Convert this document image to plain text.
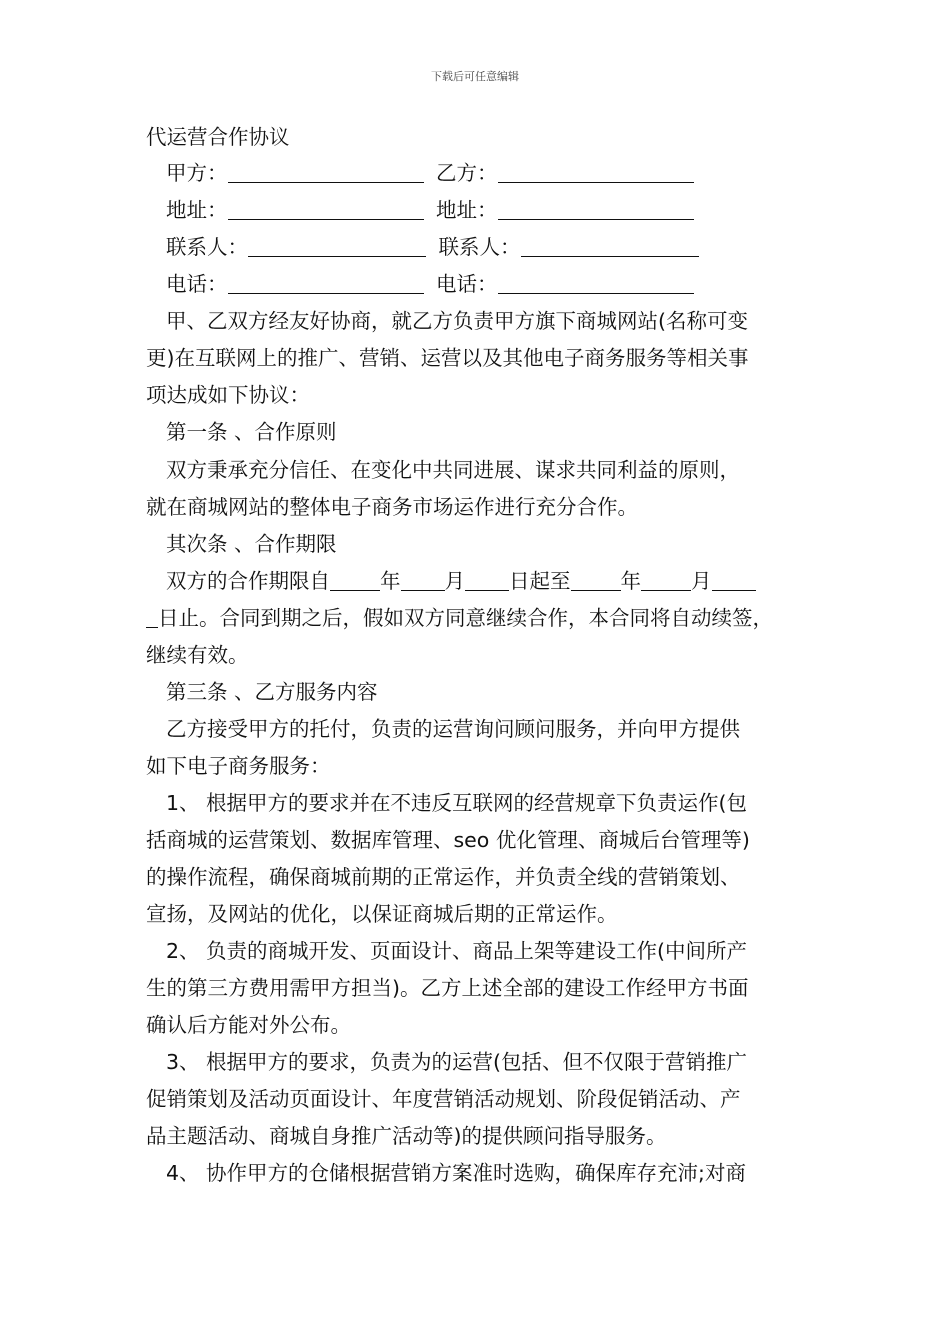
下载后可任意编辑
代运营合作协议
甲方：	乙方：
地址：	地址：
联系人：	联系人：
电话：	电话：
甲、乙双方经友好协商，就乙方负责甲方旗下商城网站(名称可变
更)在互联网上的推广、营销、运营以及其他电子商务服务等相关事
项达成如下协议：
第一条 、合作原则
双方秉承充分信任、在变化中共同进展、谋求共同利益的原则，
就在商城网站的整体电子商务市场运作进行充分合作。
其次条 、合作期限
双方的合作期限自 年 月 日起至 年 月
日止。合同到期之后，假如双方同意继续合作，本合同将自动续签，
继续有效。
第三条 、乙方服务内容
乙方接受甲方的托付，负责的运营询问顾问服务，并向甲方提供
如下电子商务服务：
1、 根据甲方的要求并在不违反互联网的经营规章下负责运作(包
括商城的运营策划、数据库管理、seo 优化管理、商城后台管理等)
的操作流程，确保商城前期的正常运作，并负责全线的营销策划、
宣扬，及网站的优化，以保证商城后期的正常运作。
2、 负责的商城开发、页面设计、商品上架等建设工作(中间所产
生的第三方费用需甲方担当)。乙方上述全部的建设工作经甲方书面
确认后方能对外公布。
3、 根据甲方的要求，负责为的运营(包括、但不仅限于营销推广
促销策划及活动页面设计、年度营销活动规划、阶段促销活动、产
品主题活动、商城自身推广活动等)的提供顾问指导服务。
4、 协作甲方的仓储根据营销方案准时选购，确保库存充沛;对商
